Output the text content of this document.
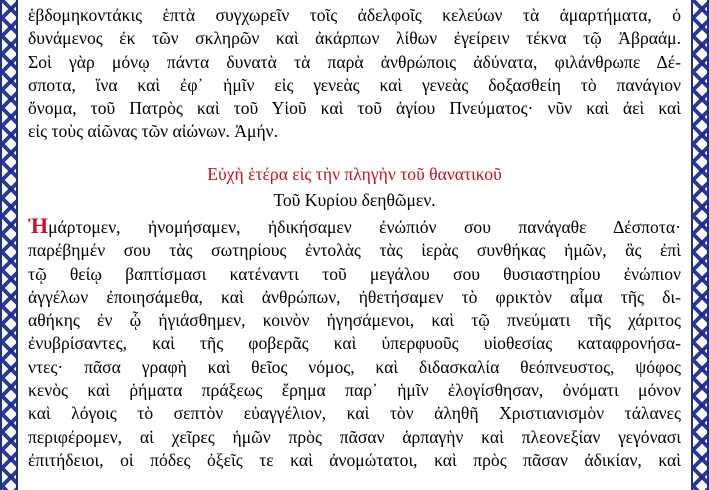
ἑβδομηκοντάκις ἑπτὰ συγχωρεῖν τοῖς ἀδελφοῖς κελεύων τὰ ἁμαρτήματα, ὁ
δυνάμενος ἐκ τῶν σκληρῶν καὶ ἀκάρπων λίθων ἐγείρειν τέκνα τῷ Ἀβραάμ.
Σοὶ γὰρ μόνῳ πάντα δυνατὰ τὰ παρὰ ἀνθρώποις ἀδύνατα, φιλάνθρωπε Δέ-
σποτα, ἵνα καὶ ἐφ᾽ ἡμῖν εἰς γενεὰς καὶ γενεὰς δοξασθείη τὸ πανάγιον
ὄνομα, τοῦ Πατρὸς καὶ τοῦ Υἱοῦ καὶ τοῦ ἁγίου Πνεύματος· νῦν καὶ ἀεὶ καὶ
εἰς τοὺς αἰῶνας τῶν αἰώνων. Ἀμήν.

Εὐχὴ ἑτέρα εἰς τὴν πληγὴν τοῦ θανατικοῦ

Τοῦ Κυρίου δεηθῶμεν.

Ἡμάρτομεν, ἠνομήσαμεν, ἠδικήσαμεν ἐνώπιόν σου πανάγαθε Δέσποτα·
παρέβημέν σου τὰς σωτηρίους ἐντολὰς τὰς ἱερὰς συνθήκας ἡμῶν, ἃς ἐπὶ
τῷ θείῳ βαπτίσμασι κατέναντι τοῦ μεγάλου σου θυσιαστηρίου ἐνώπιον
ἀγγέλων ἐποιησάμεθα, καὶ ἀνθρώπων, ἠθετήσαμεν τὸ φρικτὸν αἷμα τῆς δι-
αθήκης ἐν ᾧ ἡγιάσθημεν, κοινὸν ἡγησάμενοι, καὶ τῷ πνεύματι τῆς χάριτος
ἐνυβρίσαντες, καὶ τῆς φοβερᾶς καὶ ὑπερφυοῦς υἱοθεσίας καταφρονήσα-
ντες· πᾶσα γραφὴ καὶ θεῖος νόμος, καὶ διδασκαλία θεόπνευστος, ψόφος
κενὸς καὶ ῥήματα πράξεως ἔρημα παρ᾽ ἡμῖν ἐλογίσθησαν, ὀνόματι μόνον
καὶ λόγοις τὸ σεπτὸν εὐαγγέλιον, καὶ τὸν ἀληθῆ Χριστιανισμὸν τάλανες
περιφέρομεν, αἱ χεῖρες ἡμῶν πρὸς πᾶσαν ἁρπαγὴν καὶ πλεονεξίαν γεγόνασι
ἐπιτήδειοι, οἱ πόδες ὀξεῖς τε καὶ ἀνομώτατοι, καὶ πρὸς πᾶσαν ἀδικίαν, καὶ
